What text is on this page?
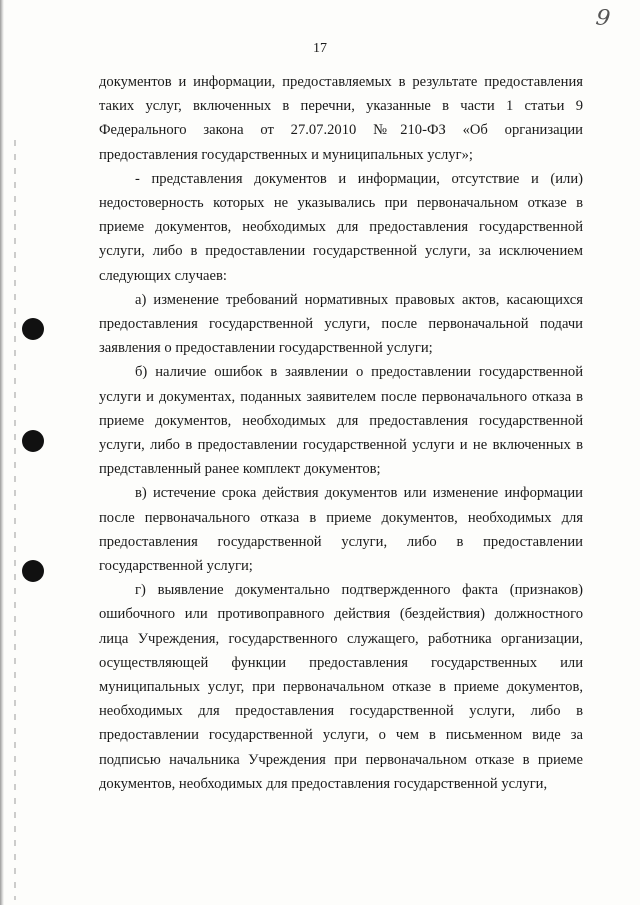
9
17

документов и информации, предоставляемых в результате предоставления таких услуг, включенных в перечни, указанные в части 1 статьи 9 Федерального закона от 27.07.2010 №210-ФЗ «Об организации предоставления государственных и муниципальных услуг»;

- представления документов и информации, отсутствие и (или) недостоверность которых не указывались при первоначальном отказе в приеме документов, необходимых для предоставления государственной услуги, либо в предоставлении государственной услуги, за исключением следующих случаев:

а) изменение требований нормативных правовых актов, касающихся предоставления государственной услуги, после первоначальной подачи заявления о предоставлении государственной услуги;

б) наличие ошибок в заявлении о предоставлении государственной услуги и документах, поданных заявителем после первоначального отказа в приеме документов, необходимых для предоставления государственной услуги, либо в предоставлении государственной услуги и не включенных в представленный ранее комплект документов;

в) истечение срока действия документов или изменение информации после первоначального отказа в приеме документов, необходимых для предоставления государственной услуги, либо в предоставлении государственной услуги;

г) выявление документально подтвержденного факта (признаков) ошибочного или противоправного действия (бездействия) должностного лица Учреждения, государственного служащего, работника организации, осуществляющей функции предоставления государственных или муниципальных услуг, при первоначальном отказе в приеме документов, необходимых для предоставления государственной услуги, либо в предоставлении государственной услуги, о чем в письменном виде за подписью начальника Учреждения при первоначальном отказе в приеме документов, необходимых для предоставления государственной услуги,
